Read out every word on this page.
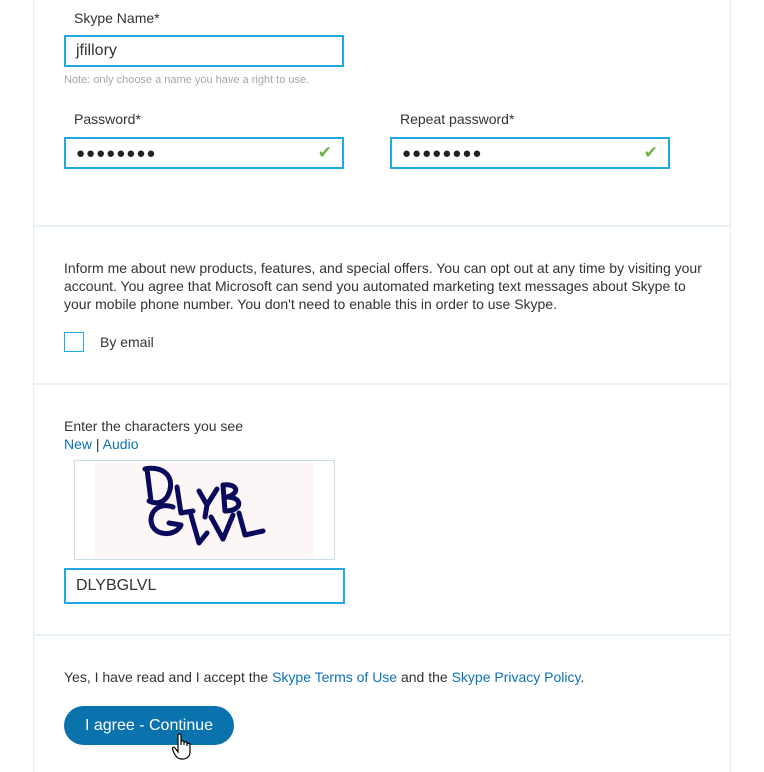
Skype Name*
jfillory
Note: only choose a name you have a right to use.
Password*
●●●●●●●●	✔
Repeat password*
●●●●●●●●	✔
Inform me about new products, features, and special offers. You can opt out at any time by visiting your account. You agree that Microsoft can send you automated marketing text messages about Skype to your mobile phone number. You don't need to enable this in order to use Skype.
By email
Enter the characters you see
New | Audio
DLYBGLVL
Yes, I have read and I accept the Skype Terms of Use and the Skype Privacy Policy.
I agree - Continue
